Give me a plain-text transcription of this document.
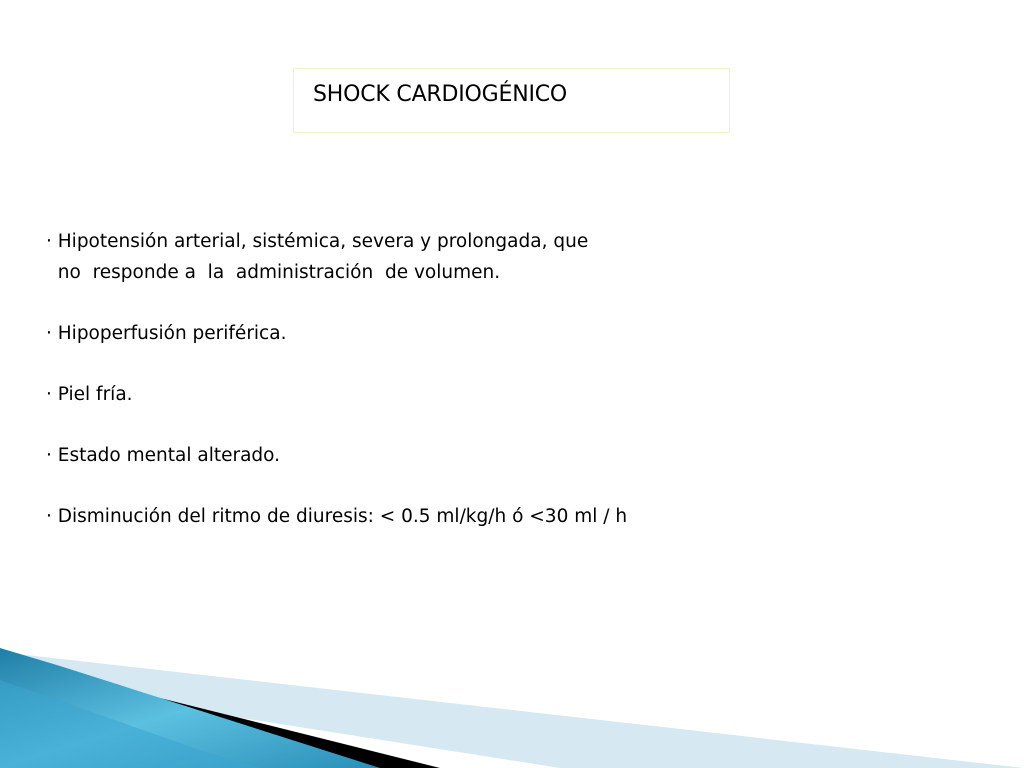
SHOCK CARDIOGÉNICO
· Hipotensión arterial, sistémica, severa y prolongada, que
no  responde a  la  administración  de volumen.
· Hipoperfusión periférica.
· Piel fría.
· Estado mental alterado.
· Disminución del ritmo de diuresis: < 0.5 ml/kg/h ó <30 ml / h
